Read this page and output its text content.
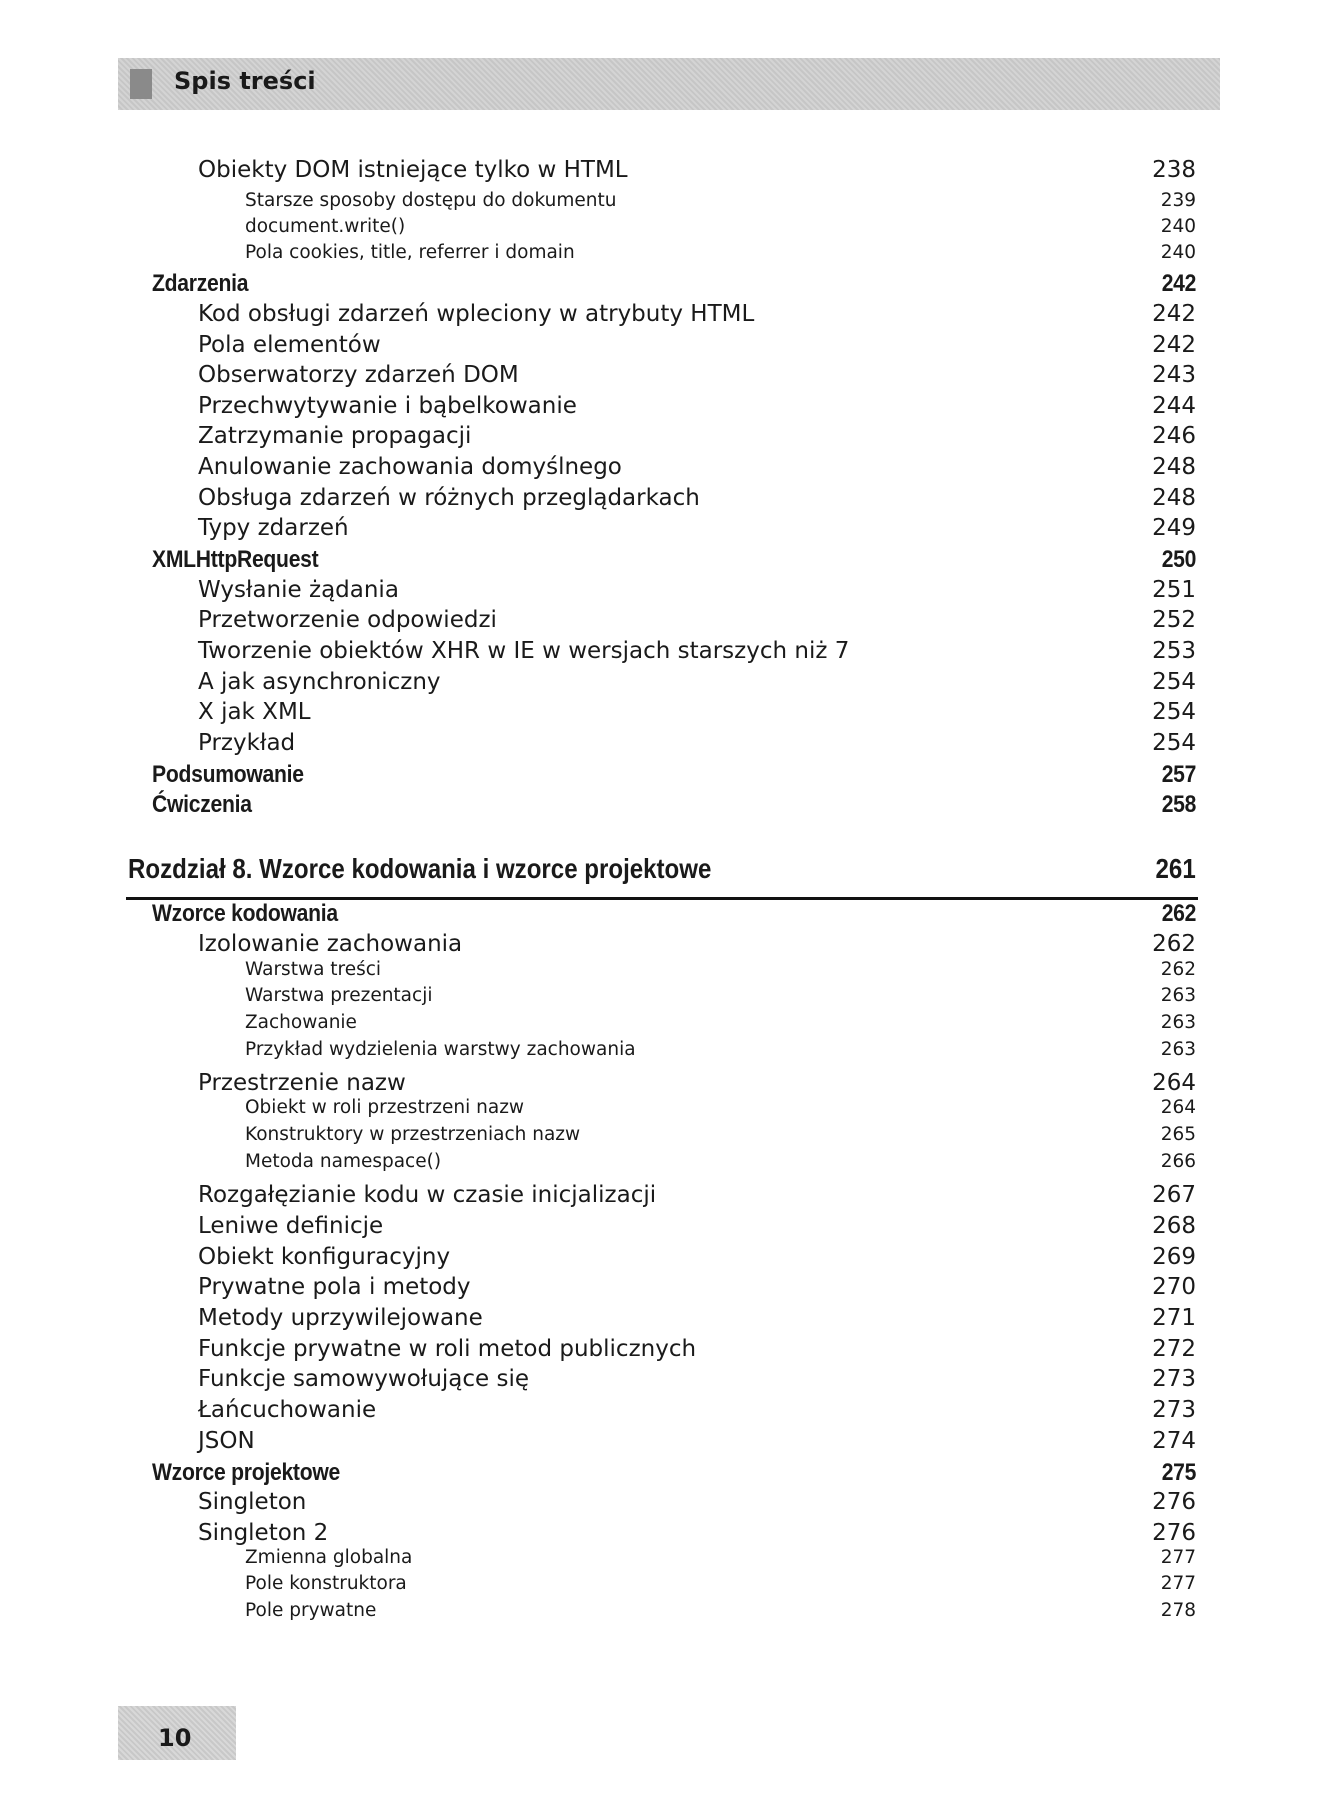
Spis treści
Obiekty DOM istniejące tylko w HTML	238
Starsze sposoby dostępu do dokumentu	239
document.write()	240
Pola cookies, title, referrer i domain	240
Zdarzenia	242
Kod obsługi zdarzeń wpleciony w atrybuty HTML	242
Pola elementów	242
Obserwatorzy zdarzeń DOM	243
Przechwytywanie i bąbelkowanie	244
Zatrzymanie propagacji	246
Anulowanie zachowania domyślnego	248
Obsługa zdarzeń w różnych przeglądarkach	248
Typy zdarzeń	249
XMLHttpRequest	250
Wysłanie żądania	251
Przetworzenie odpowiedzi	252
Tworzenie obiektów XHR w IE w wersjach starszych niż 7	253
A jak asynchroniczny	254
X jak XML	254
Przykład	254
Podsumowanie	257
Ćwiczenia	258
Rozdział 8. Wzorce kodowania i wzorce projektowe	261
Wzorce kodowania	262
Izolowanie zachowania	262
Warstwa treści	262
Warstwa prezentacji	263
Zachowanie	263
Przykład wydzielenia warstwy zachowania	263
Przestrzenie nazw	264
Obiekt w roli przestrzeni nazw	264
Konstruktory w przestrzeniach nazw	265
Metoda namespace()	266
Rozgałęzianie kodu w czasie inicjalizacji	267
Leniwe definicje	268
Obiekt konfiguracyjny	269
Prywatne pola i metody	270
Metody uprzywilejowane	271
Funkcje prywatne w roli metod publicznych	272
Funkcje samowywołujące się	273
Łańcuchowanie	273
JSON	274
Wzorce projektowe	275
Singleton	276
Singleton 2	276
Zmienna globalna	277
Pole konstruktora	277
Pole prywatne	278
10
